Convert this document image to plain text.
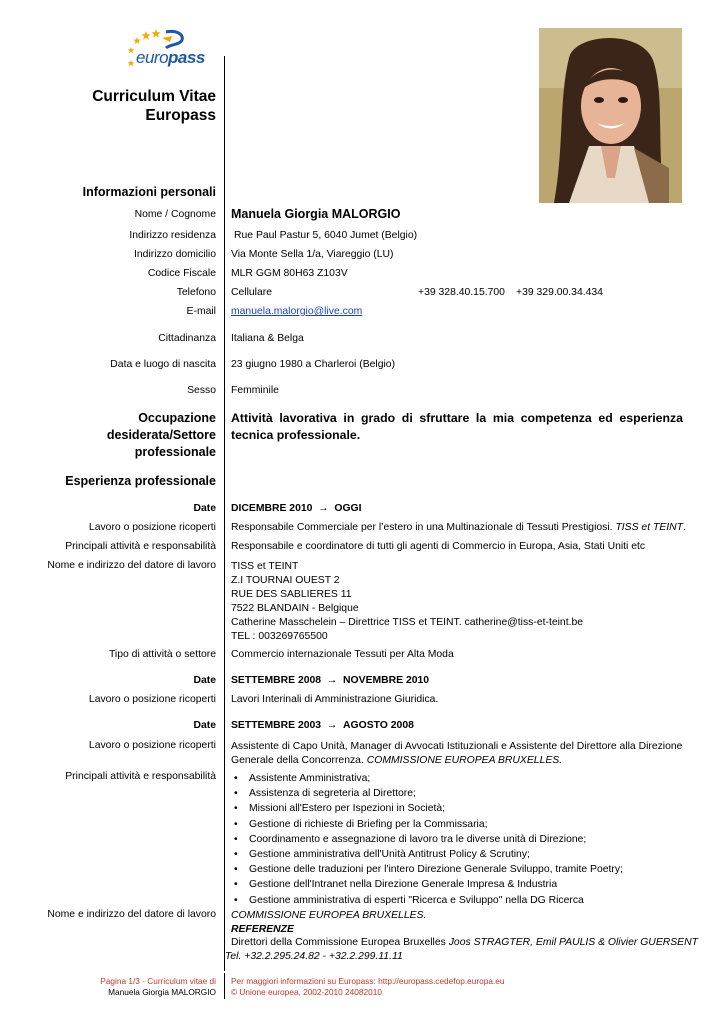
europass
Curriculum Vitae
Europass
Informazioni personali
Nome / Cognome Manuela Giorgia MALORGIO
Indirizzo residenza Rue Paul Pastur 5, 6040 Jumet (Belgio)
Indirizzo domicilio Via Monte Sella 1/a, Viareggio (LU)
Codice Fiscale MLR GGM 80H63 Z103V
Telefono Cellulare	+39 328.40.15.700 +39 329.00.34.434
E-mail manuela.malorgio@live.com
Cittadinanza Italiana & Belga
Data e luogo di nascita 23 giugno 1980 a Charleroi (Belgio)
Sesso Femminile
Occupazione
desiderata/Settore
professionale
Attività lavorativa in grado di sfruttare la mia competenza ed esperienza
tecnica professionale.
Esperienza professionale
Date DICEMBRE 2010 → OGGI
Lavoro o posizione ricoperti Responsabile Commerciale per l’estero in una Multinazionale di Tessuti Prestigiosi. TISS et TEINT.
Principali attività e responsabilità Responsabile e coordinatore di tutti gli agenti di Commercio in Europa, Asia, Stati Uniti etc
Nome e indirizzo del datore di lavoro TISS et TEINT
Z.I TOURNAI OUEST 2
RUE DES SABLIERES 11
7522 BLANDAIN - Belgique
Catherine Masschelein – Direttrice TISS et TEINT. catherine@tiss-et-teint.be
TEL : 003269765500
Tipo di attività o settore Commercio internazionale Tessuti per Alta Moda
Date SETTEMBRE 2008 → NOVEMBRE 2010
Lavoro o posizione ricoperti Lavori Interinali di Amministrazione Giuridica.
Date SETTEMBRE 2003 → AGOSTO 2008
Lavoro o posizione ricoperti Assistente di Capo Unità, Manager di Avvocati Istituzionali e Assistente del Direttore alla Direzione
Generale della Concorrenza. COMMISSIONE EUROPEA BRUXELLES.
Principali attività e responsabilità
•	Assistente Amministrativa;
• Assistenza di segreteria al Direttore;
• Missioni all'Estero per Ispezioni in Società;
• Gestione di richieste di Briefing per la Commissaria;
• Coordinamento e assegnazione di lavoro tra le diverse unità di Direzione;
• Gestione amministrativa dell'Unità Antitrust Policy & Scrutiny;
• Gestione delle traduzioni per l'intero Direzione Generale Sviluppo, tramite Poetry;
• Gestione dell'Intranet nella Direzione Generale Impresa & Industria
• Gestione amministrativa di esperti "Ricerca e Sviluppo" nella DG Ricerca
Nome e indirizzo del datore di lavoro COMMISSIONE EUROPEA BRUXELLES.
REFERENZE
Direttori della Commissione Europea Bruxelles Joos STRAGTER, Emil PAULIS & Olivier GUERSENT
Tel. +32.2.295.24.82 - +32.2.299.11.11
Pagina 1/3 - Curriculum vitae di
Manuela Giorgia MALORGIO
Per maggiori informazioni su Europass: http://europass.cedefop.europa.eu
© Unione europea, 2002-2010 24082010
